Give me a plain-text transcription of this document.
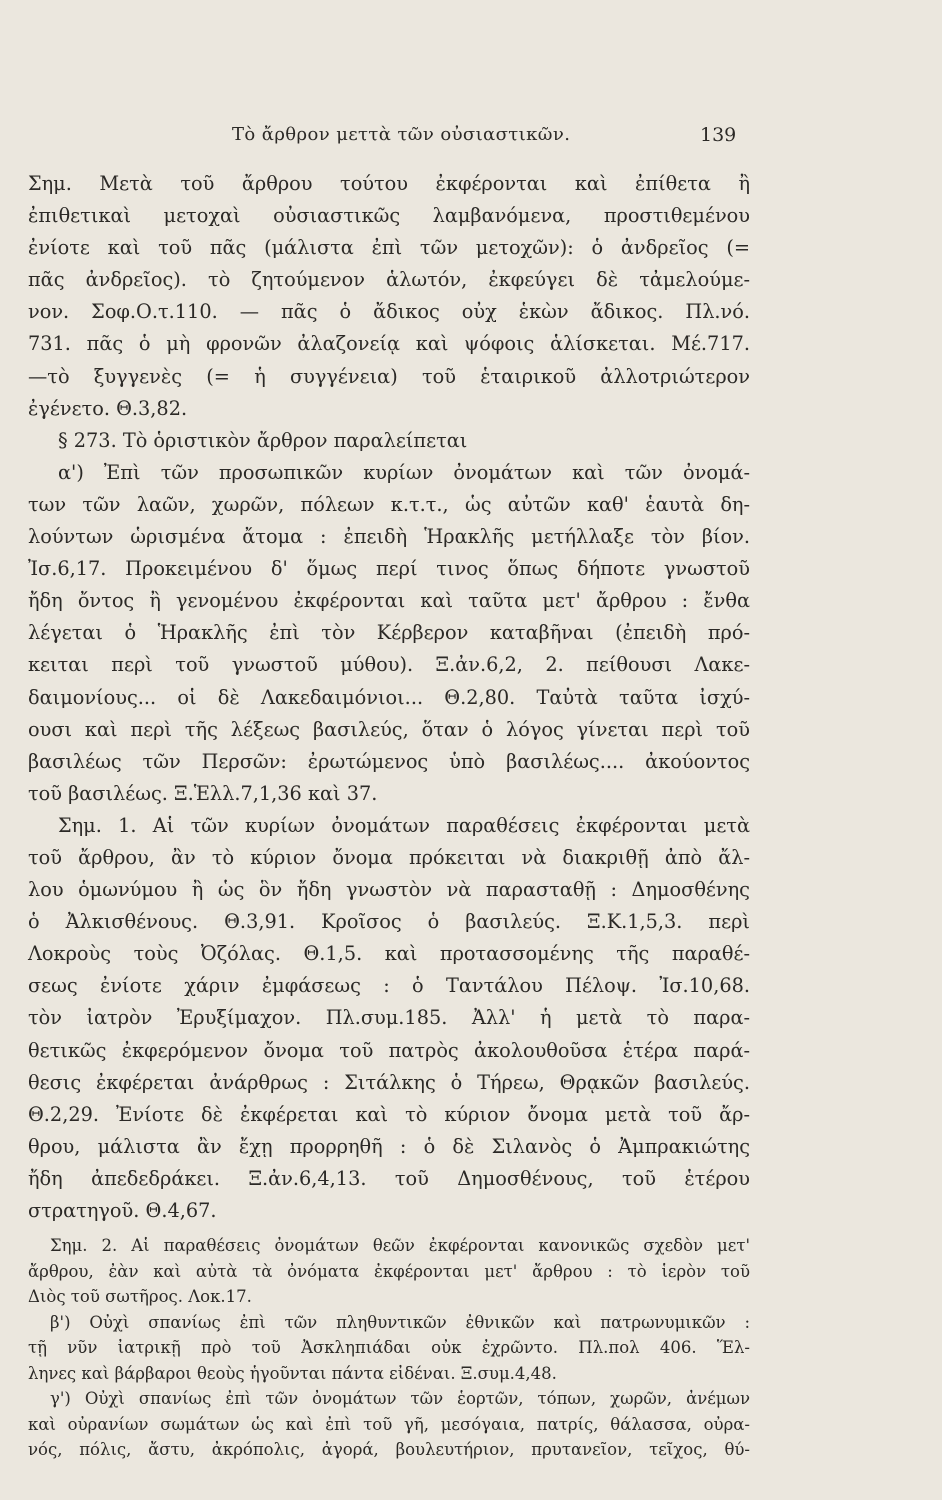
Τὸ ἄρθρον μεττὰ τῶν οὐσιαστικῶν.	139
Σημ. Μετὰ τοῦ ἄρθρου τούτου ἐκφέρονται καὶ ἐπίθετα ἢ
ἐπιθετικαὶ μετοχαὶ οὐσιαστικῶς λαμβανόμενα, προστιθεμένου
ἐνίοτε καὶ τοῦ πᾶς (μάλιστα ἐπὶ τῶν μετοχῶν): ὁ ἀνδρεῖος (=
πᾶς ἀνδρεῖος). τὸ ζητούμενον ἁλωτόν, ἐκφεύγει δὲ τἀμελούμε-
νον. Σοφ.Ο.τ.110. — πᾶς ὁ ἄδικος οὐχ ἑκὼν ἄδικος. Πλ.νό.
731. πᾶς ὁ μὴ φρονῶν ἀλαζονείᾳ καὶ ψόφοις ἁλίσκεται. Μέ.717.
—τὸ ξυγγενὲς (= ἡ συγγένεια) τοῦ ἑταιρικοῦ ἀλλοτριώτερον
ἐγένετο. Θ.3,82.
§ 273. Τὸ ὁριστικὸν ἄρθρον παραλείπεται
α') Ἐπὶ τῶν προσωπικῶν κυρίων ὀνομάτων καὶ τῶν ὀνομά-
των τῶν λαῶν, χωρῶν, πόλεων κ.τ.τ., ὡς αὐτῶν καθ' ἑαυτὰ δη-
λούντων ὡρισμένα ἄτομα : ἐπειδὴ Ἡρακλῆς μετήλλαξε τὸν βίον.
Ἰσ.6,17. Προκειμένου δ' ὅμως περί τινος ὅπως δήποτε γνωστοῦ
ἤδη ὄντος ἢ γενομένου ἐκφέρονται καὶ ταῦτα μετ' ἄρθρου : ἔνθα
λέγεται ὁ Ἡρακλῆς ἐπὶ τὸν Κέρβερον καταβῆναι (ἐπειδὴ πρό-
κειται περὶ τοῦ γνωστοῦ μύθου). Ξ.ἀν.6,2, 2. πείθουσι Λακε-
δαιμονίους... οἱ δὲ Λακεδαιμόνιοι... Θ.2,80. Ταὐτὰ ταῦτα ἰσχύ-
ουσι καὶ περὶ τῆς λέξεως βασιλεύς, ὅταν ὁ λόγος γίνεται περὶ τοῦ
βασιλέως τῶν Περσῶν: ἐρωτώμενος ὑπὸ βασιλέως.... ἀκούοντος
τοῦ βασιλέως. Ξ.Ἑλλ.7,1,36 καὶ 37.
Σημ. 1. Αἱ τῶν κυρίων ὀνομάτων παραθέσεις ἐκφέρονται μετὰ
τοῦ ἄρθρου, ἂν τὸ κύριον ὄνομα πρόκειται νὰ διακριθῇ ἀπὸ ἄλ-
λου ὁμωνύμου ἢ ὡς ὃν ἤδη γνωστὸν νὰ παρασταθῇ : Δημοσθένης
ὁ Ἀλκισθένους. Θ.3,91. Κροῖσος ὁ βασιλεύς. Ξ.Κ.1,5,3. περὶ
Λοκροὺς τοὺς Ὀζόλας. Θ.1,5. καὶ προτασσομένης τῆς παραθέ-
σεως ἐνίοτε χάριν ἐμφάσεως : ὁ Ταντάλου Πέλοψ. Ἰσ.10,68.
τὸν ἰατρὸν Ἐρυξίμαχον. Πλ.συμ.185. Ἀλλ' ἡ μετὰ τὸ παρα-
θετικῶς ἐκφερόμενον ὄνομα τοῦ πατρὸς ἀκολουθοῦσα ἑτέρα παρά-
θεσις ἐκφέρεται ἀνάρθρως : Σιτάλκης ὁ Τήρεω, Θρᾳκῶν βασιλεύς.
Θ.2,29. Ἐνίοτε δὲ ἐκφέρεται καὶ τὸ κύριον ὄνομα μετὰ τοῦ ἄρ-
θρου, μάλιστα ἂν ἔχῃ προρρηθῆ : ὁ δὲ Σιλανὸς ὁ Ἀμπρακιώτης
ἤδη ἀπεδεδράκει. Ξ.ἀν.6,4,13. τοῦ Δημοσθένους, τοῦ ἑτέρου
στρατηγοῦ. Θ.4,67.
Σημ. 2. Αἱ παραθέσεις ὀνομάτων θεῶν ἐκφέρονται κανονικῶς σχεδὸν μετ'
ἄρθρου, ἐὰν καὶ αὐτὰ τὰ ὀνόματα ἐκφέρονται μετ' ἄρθρου : τὸ ἱερὸν τοῦ
Διὸς τοῦ σωτῆρος. Λοκ.17.
β') Οὐχὶ σπανίως ἐπὶ τῶν πληθυντικῶν ἐθνικῶν καὶ πατρωνυμικῶν :
τῇ νῦν ἰατρικῇ πρὸ τοῦ Ἀσκληπιάδαι οὐκ ἐχρῶντο. Πλ.πολ 406. Ἕλ-
ληνες καὶ βάρβαροι θεοὺς ἡγοῦνται πάντα εἰδέναι. Ξ.συμ.4,48.
γ') Οὐχὶ σπανίως ἐπὶ τῶν ὀνομάτων τῶν ἑορτῶν, τόπων, χωρῶν, ἀνέμων
καὶ οὐρανίων σωμάτων ὡς καὶ ἐπὶ τοῦ γῆ, μεσόγαια, πατρίς, θάλασσα, οὐρα-
νός, πόλις, ἄστυ, ἀκρόπολις, ἀγορά, βουλευτήριον, πρυτανεῖον, τεῖχος, θύ-
